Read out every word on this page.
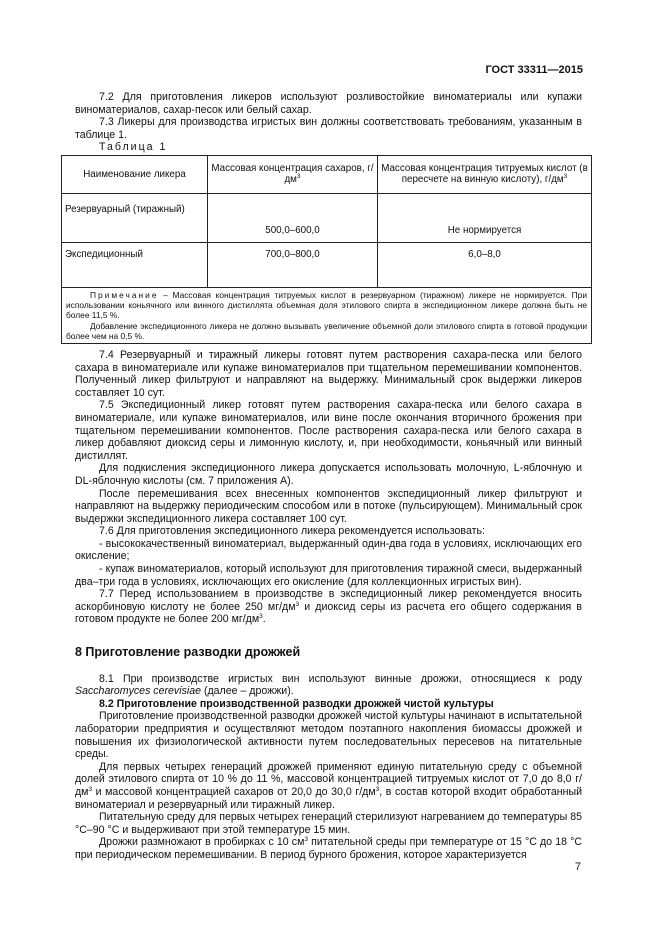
ГОСТ 33311—2015

7.2 Для приготовления ликеров используют розливостойкие виноматериалы или купажи виноматериалов, сахар-песок или белый сахар.

7.3 Ликеры для производства игристых вин должны соответствовать требованиям, указанным в таблице 1.

Таблица 1

Наименование ликера	Массовая концентрация сахаров, $г/дм^3$	Массовая концентрация титруемых кислот (в пересчете на винную кислоту), $г/дм^3$
Резервуарный (тиражный)	500,0–600,0	Не нормируется
Экспедиционный	700,0–800,0	6,0–8,0

Примечание – Массовая концентрация титруемых кислот в резервуарном (тиражном) ликере не нормируется. При использовании коньячного или винного дистиллята объемная доля этилового спирта в экспедиционном ликере должна быть не более 11,5 %.
Добавление экспедиционного ликера не должно вызывать увеличение объемной доли этилового спирта в готовой продукции более чем на 0,5 %.		

7.4 Резервуарный и тиражный ликеры готовят путем растворения сахара-песка или белого сахара в виноматериале или купаже виноматериалов при тщательном перемешивании компонентов. Полученный ликер фильтруют и направляют на выдержку. Минимальный срок выдержки ликеров составляет 10 сут.

7.5 Экспедиционный ликер готовят путем растворения сахара-песка или белого сахара в виноматериале, или купаже виноматериалов, или вине после окончания вторичного брожения при тщательном перемешивании компонентов. После растворения сахара-песка или белого сахара в ликер добавляют диоксид серы и лимонную кислоту, и, при необходимости, коньячный или винный дистиллят.

Для подкисления экспедиционного ликера допускается использовать молочную, L-яблочную и DL-яблочную кислоты (см. 7 приложения А).

После перемешивания всех внесенных компонентов экспедиционный ликер фильтруют и направляют на выдержку периодическим способом или в потоке (пульсирующем). Минимальный срок выдержки экспедиционного ликера составляет 100 сут.

7.6 Для приготовления экспедиционного ликера рекомендуется использовать:

- высококачественный виноматериал, выдержанный один-два года в условиях, исключающих его окисление;

- купаж виноматериалов, который используют для приготовления тиражной смеси, выдержанный два–три года в условиях, исключающих его окисление (для коллекционных игристых вин).

7.7 Перед использованием в производстве в экспедиционный ликер рекомендуется вносить аскорбиновую кислоту не более 250 $мг/дм^3$ и диоксид серы из расчета его общего содержания в готовом продукте не более 200 $мг/дм^3$.

8 Приготовление разводки дрожжей

8.1 При производстве игристых вин используют винные дрожжи, относящиеся к роду Saccharomyces cerevisiae (далее – дрожжи).

8.2 Приготовление производственной разводки дрожжей чистой культуры

Приготовление производственной разводки дрожжей чистой культуры начинают в испытательной лаборатории предприятия и осуществляют методом поэтапного накопления биомассы дрожжей и повышения их физиологической активности путем последовательных пересевов на питательные среды.

Для первых четырех генераций дрожжей применяют единую питательную среду с объемной долей этилового спирта от 10 % до 11 %, массовой концентрацией титруемых кислот от 7,0 до 8,0 $г/дм^3$ и массовой концентрацией сахаров от 20,0 до 30,0 $г/дм^3$, в состав которой входит обработанный виноматериал и резервуарный или тиражный ликер.

Питательную среду для первых четырех генераций стерилизуют нагреванием до температуры 85 °С–90 °С и выдерживают при этой температуре 15 мин.

Дрожжи размножают в пробирках с 10 $см^3$ питательной среды при температуре от 15 °С до 18 °С при периодическом перемешивании. В период бурного брожения, которое характеризуется

7
